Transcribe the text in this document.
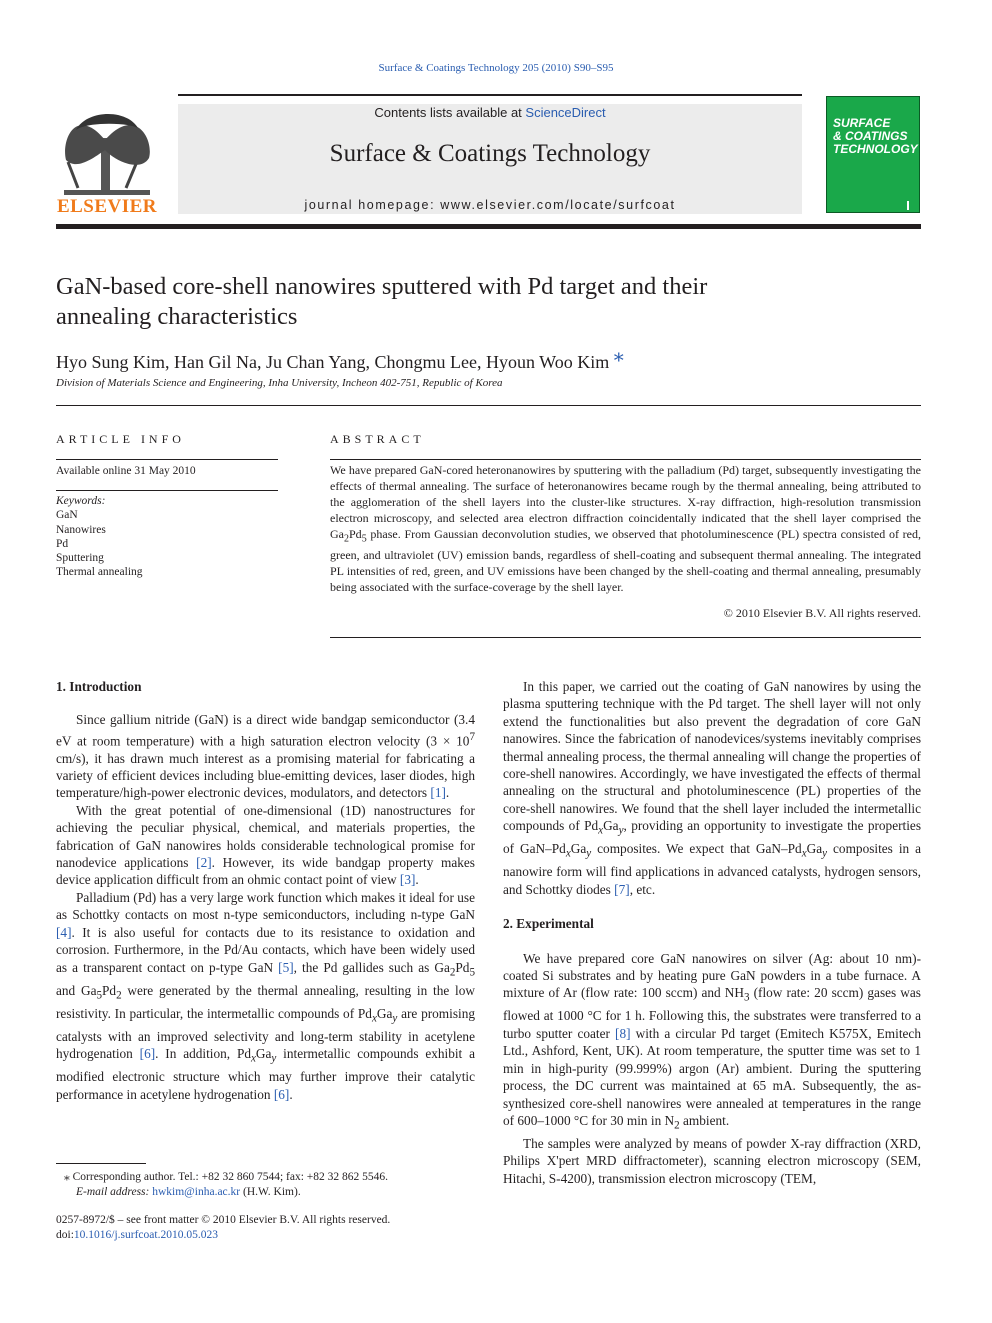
Surface & Coatings Technology 205 (2010) S90–S95
ELSEVIER
Contents lists available at ScienceDirect
Surface & Coatings Technology
journal homepage: www.elsevier.com/locate/surfcoat
SURFACE
& COATINGS
TECHNOLOGY
GaN-based core-shell nanowires sputtered with Pd target and their
annealing characteristics
Hyo Sung Kim, Han Gil Na, Ju Chan Yang, Chongmu Lee, Hyoun Woo Kim ⁎
Division of Materials Science and Engineering, Inha University, Incheon 402-751, Republic of Korea
ARTICLE INFO
Available online 31 May 2010
Keywords:
GaN
Nanowires
Pd
Sputtering
Thermal annealing
ABSTRACT
We have prepared GaN-cored heteronanowires by sputtering with the palladium (Pd) target, subsequently investigating the effects of thermal annealing. The surface of heteronanowires became rough by the thermal annealing, being attributed to the agglomeration of the shell layers into the cluster-like structures. X-ray diffraction, high-resolution transmission electron microscopy, and selected area electron diffraction coincidentally indicated that the shell layer comprised the $Ga_2Pd_5$ phase. From Gaussian deconvolution studies, we observed that photoluminescence (PL) spectra consisted of red, green, and ultraviolet (UV) emission bands, regardless of shell-coating and subsequent thermal annealing. The integrated PL intensities of red, green, and UV emissions have been changed by the shell-coating and thermal annealing, presumably being associated with the surface-coverage by the shell layer.
© 2010 Elsevier B.V. All rights reserved.
1. Introduction

Since gallium nitride (GaN) is a direct wide bandgap semiconductor (3.4 eV at room temperature) with a high saturation electron velocity ($3 \times 10^7$ cm/s), it has drawn much interest as a promising material for fabricating a variety of efficient devices including blue-emitting devices, laser diodes, high temperature/high-power electronic devices, modulators, and detectors [1].

With the great potential of one-dimensional (1D) nanostructures for achieving the peculiar physical, chemical, and materials properties, the fabrication of GaN nanowires holds considerable technological promise for nanodevice applications [2]. However, its wide bandgap property makes device application difficult from an ohmic contact point of view [3].

Palladium (Pd) has a very large work function which makes it ideal for use as Schottky contacts on most n-type semiconductors, including n-type GaN [4]. It is also useful for contacts due to its resistance to oxidation and corrosion. Furthermore, in the Pd/Au contacts, which have been widely used as a transparent contact on p-type GaN [5], the Pd gallides such as $Ga_2Pd_5$ and $Ga_5Pd_2$ were generated by the thermal annealing, resulting in the low resistivity. In particular, the intermetallic compounds of $Pd_xGa_y$ are promising catalysts with an improved selectivity and long-term stability in acetylene hydrogenation [6]. In addition, $Pd_xGa_y$ intermetallic compounds exhibit a modified electronic structure which may further improve their catalytic performance in acetylene hydrogenation [6].

⁎ Corresponding author. Tel.: +82 32 860 7544; fax: +82 32 862 5546.
E-mail address: hwkim@inha.ac.kr (H.W. Kim).
0257-8972/$ – see front matter © 2010 Elsevier B.V. All rights reserved.
doi:10.1016/j.surfcoat.2010.05.023

In this paper, we carried out the coating of GaN nanowires by using the plasma sputtering technique with the Pd target. The shell layer will not only extend the functionalities but also prevent the degradation of core GaN nanowires. Since the fabrication of nanodevices/systems inevitably comprises thermal annealing process, the thermal annealing will change the properties of core-shell nanowires. Accordingly, we have investigated the effects of thermal annealing on the structural and photoluminescence (PL) properties of the core-shell nanowires. We found that the shell layer included the intermetallic compounds of $Pd_xGa_y$, providing an opportunity to investigate the properties of GaN–$Pd_xGa_y$ composites. We expect that GaN–$Pd_xGa_y$ composites in a nanowire form will find applications in advanced catalysts, hydrogen sensors, and Schottky diodes [7], etc.

2. Experimental

We have prepared core GaN nanowires on silver (Ag: about 10 nm)-coated Si substrates and by heating pure GaN powders in a tube furnace. A mixture of Ar (flow rate: 100 sccm) and $NH_3$ (flow rate: 20 sccm) gases was flowed at 1000 °C for 1 h. Following this, the substrates were transferred to a turbo sputter coater [8] with a circular Pd target (Emitech K575X, Emitech Ltd., Ashford, Kent, UK). At room temperature, the sputter time was set to 1 min in high-purity (99.999%) argon (Ar) ambient. During the sputtering process, the DC current was maintained at 65 mA. Subsequently, the as-synthesized core-shell nanowires were annealed at temperatures in the range of 600–1000 °C for 30 min in $N_2$ ambient.

The samples were analyzed by means of powder X-ray diffraction (XRD, Philips X'pert MRD diffractometer), scanning electron microscopy (SEM, Hitachi, S-4200), transmission electron microscopy (TEM,
